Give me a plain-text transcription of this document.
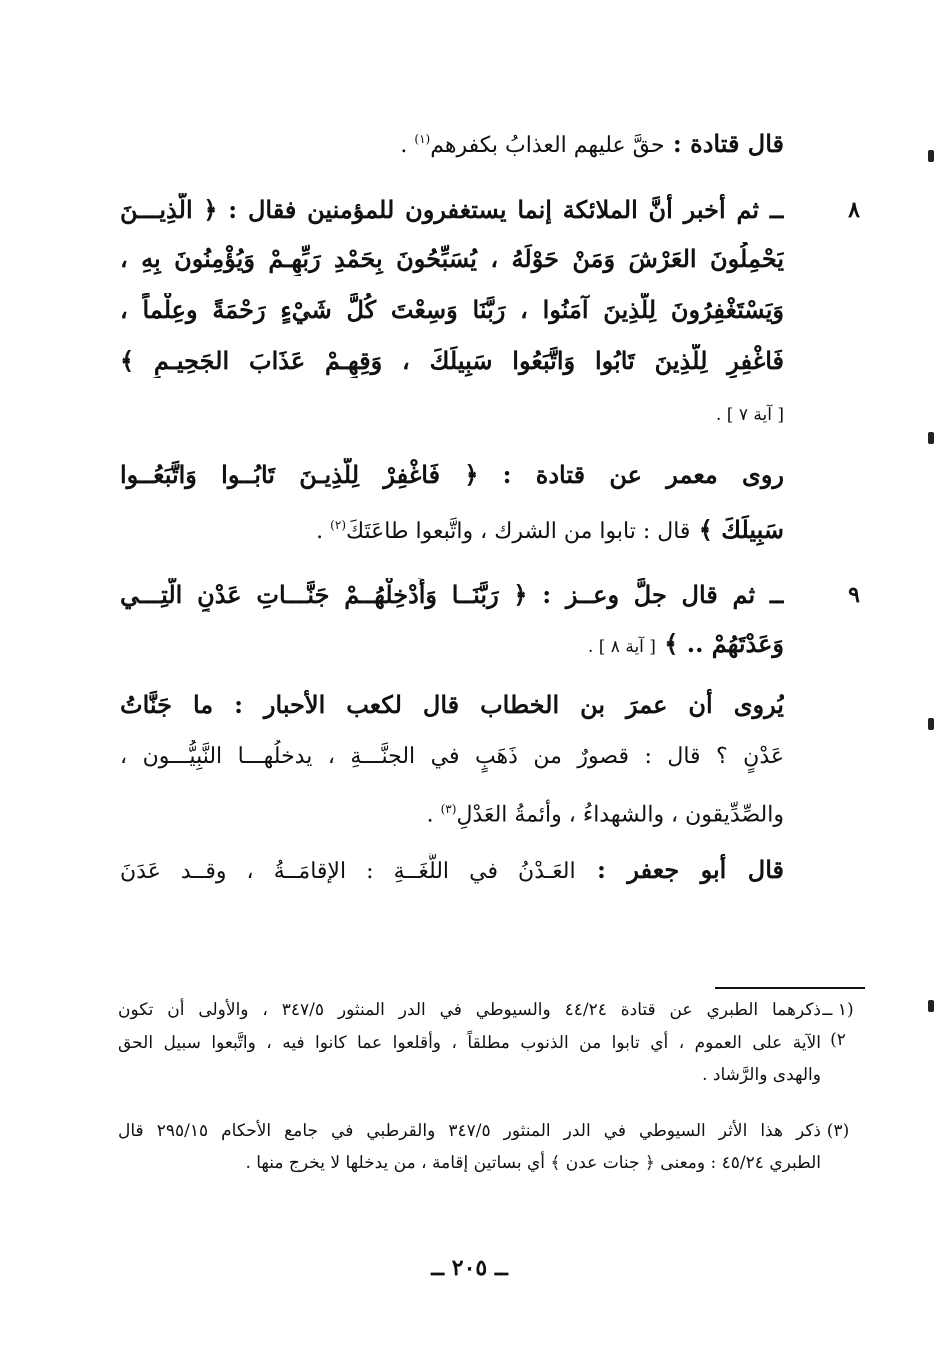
قال قتادة : حقَّ عليهم العذابُ بكفرهم$^{(١)}$ .
٨
ــ ثم أخبر أنَّ الملائكة إنما يستغفرون للمؤمنين فقال : ﴿ الَّذِيـــنَ
يَحْمِلُونَ العَرْشَ وَمَنْ حَوْلَهُ ، يُسَبِّحُونَ بِحَمْدِ رَبِّهِـمْ وَيُؤْمِنُونَ بِهِ ،
وَيَسْتَغْفِرُونَ لِلَّذِينَ آمَنُوا ، رَبَّنَا وَسِعْتَ كُلَّ شَيْءٍ رَحْمَةً وعِلْماً ،
فَاغْفِرِ لِلَّذِينَ تَابُوا وَاتَّبَعُوا سَبِيلَكَ ، وَقِهِـمْ عَذَابَ الجَحِيـمِ ﴾
[ آية ٧ ] .
روى معمر عن قتادة : ﴿ فَاغْفِرْ لِلَّذِيـنَ تَابُــوا وَاتَّبَعُــوا
سَبِيلَكَ ﴾ قال : تابوا من الشرك ، واتَّبعوا طاعَتَكَ$^{(٢)}$ .
٩
ــ ثم قال جلَّ وعــز : ﴿ رَبَّنَــا وَأَدْخِلْهُــمْ جَنَّـــاتِ عَدْنٍ الَّتِـــي
وَعَدْتَهُمْ .. ﴾ [ آية ٨ ] .
يُروى أن عمرَ بن الخطاب قال لكعب الأحبار : ما جَنَّاتُ
عَدْنٍ ؟ قال : قصورٌ من ذَهَبٍ في الجنَّـــةِ ، يدخلُهـــا النَّبِيُّـــون ،
والصِّدِّيقون ، والشهداءُ ، وأئمةُ العَدْلِ$^{(٣)}$ .
قال أبو جعفر : العَـدْنُ في اللُّغَــةِ : الإقامَــةُ ، وقــد عَدَنَ
(١ ــ ٢)
ذكرهما الطبري عن قتادة ٤٤/٢٤ والسيوطي في الدر المنثور ٣٤٧/٥ ، والأولى أن تكون
الآية على العموم ، أي تابوا من الذنوب مطلقاً ، وأقلعوا عما كانوا فيه ، واتَّبعوا سبيل الحق
والهدى والرَّشاد .
(٣)
ذكر هذا الأثر السيوطي في الدر المنثور ٣٤٧/٥ والقرطبي في جامع الأحكام ٢٩٥/١٥ قال
الطبري ٤٥/٢٤ : ومعنى ﴿ جنات عدن ﴾ أي بساتين إقامة ، من يدخلها لا يخرج منها .
ــ ٢٠٥ ــ
